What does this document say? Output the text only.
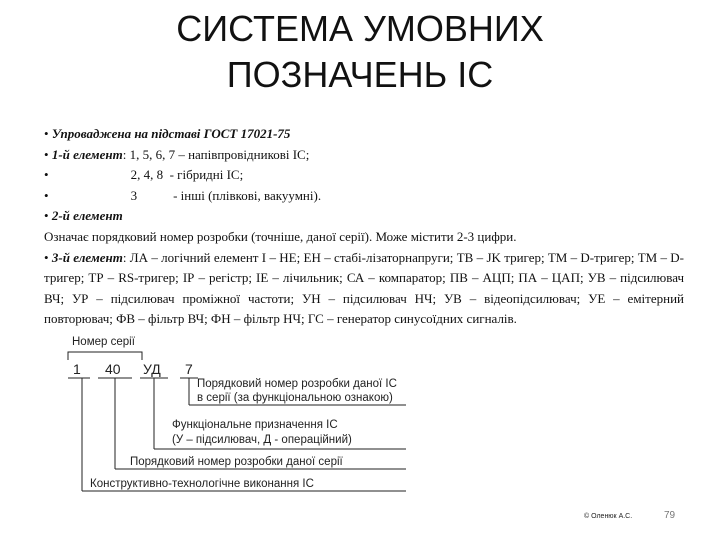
СИСТЕМА УМОВНИХ
ПОЗНАЧЕНЬ ІС

• Упроваджена на підставі ГОСТ 17021-75

• 1-й елемент: 1, 5, 6, 7 – напівпровідникові ІС;

•	2, 4, 8 - гібридні ІС;

•	3	- інші (плівкові, вакуумні).

• 2-й елемент

Означає порядковий номер розробки (точніше, даної серії). Може містити 2-3 цифри.

• 3-й елемент: ЛА – логічний елемент І – НЕ; ЕН – стабі-лізаторнапруги; ТВ – JK тригер; ТМ – D-тригер; ТМ – D-тригер; ТР – RS-тригер; ІР – регістр; ІЕ – лічильник; СА – компаратор; ПВ – АЦП; ПА – ЦАП; УВ – підсилювач ВЧ; УР – підсилювач проміжної частоти; УН – підсилювач НЧ; УВ – відеопідсилювач; УЕ – емітерний повторювач; ФВ – фільтр ВЧ; ФН – фільтр НЧ; ГС – генератор синусоїдних сигналів.

Номер серії
1 40 УД 7
Порядковий номер розробки даної ІС
в серії (за функціональною ознакою)
Функціональне призначення ІС
(У – підсилювач, Д - операційний)
Порядковий номер розробки даної серії
Конструктивно-технологічне виконання ІС
© Оленюк А.С.	79
